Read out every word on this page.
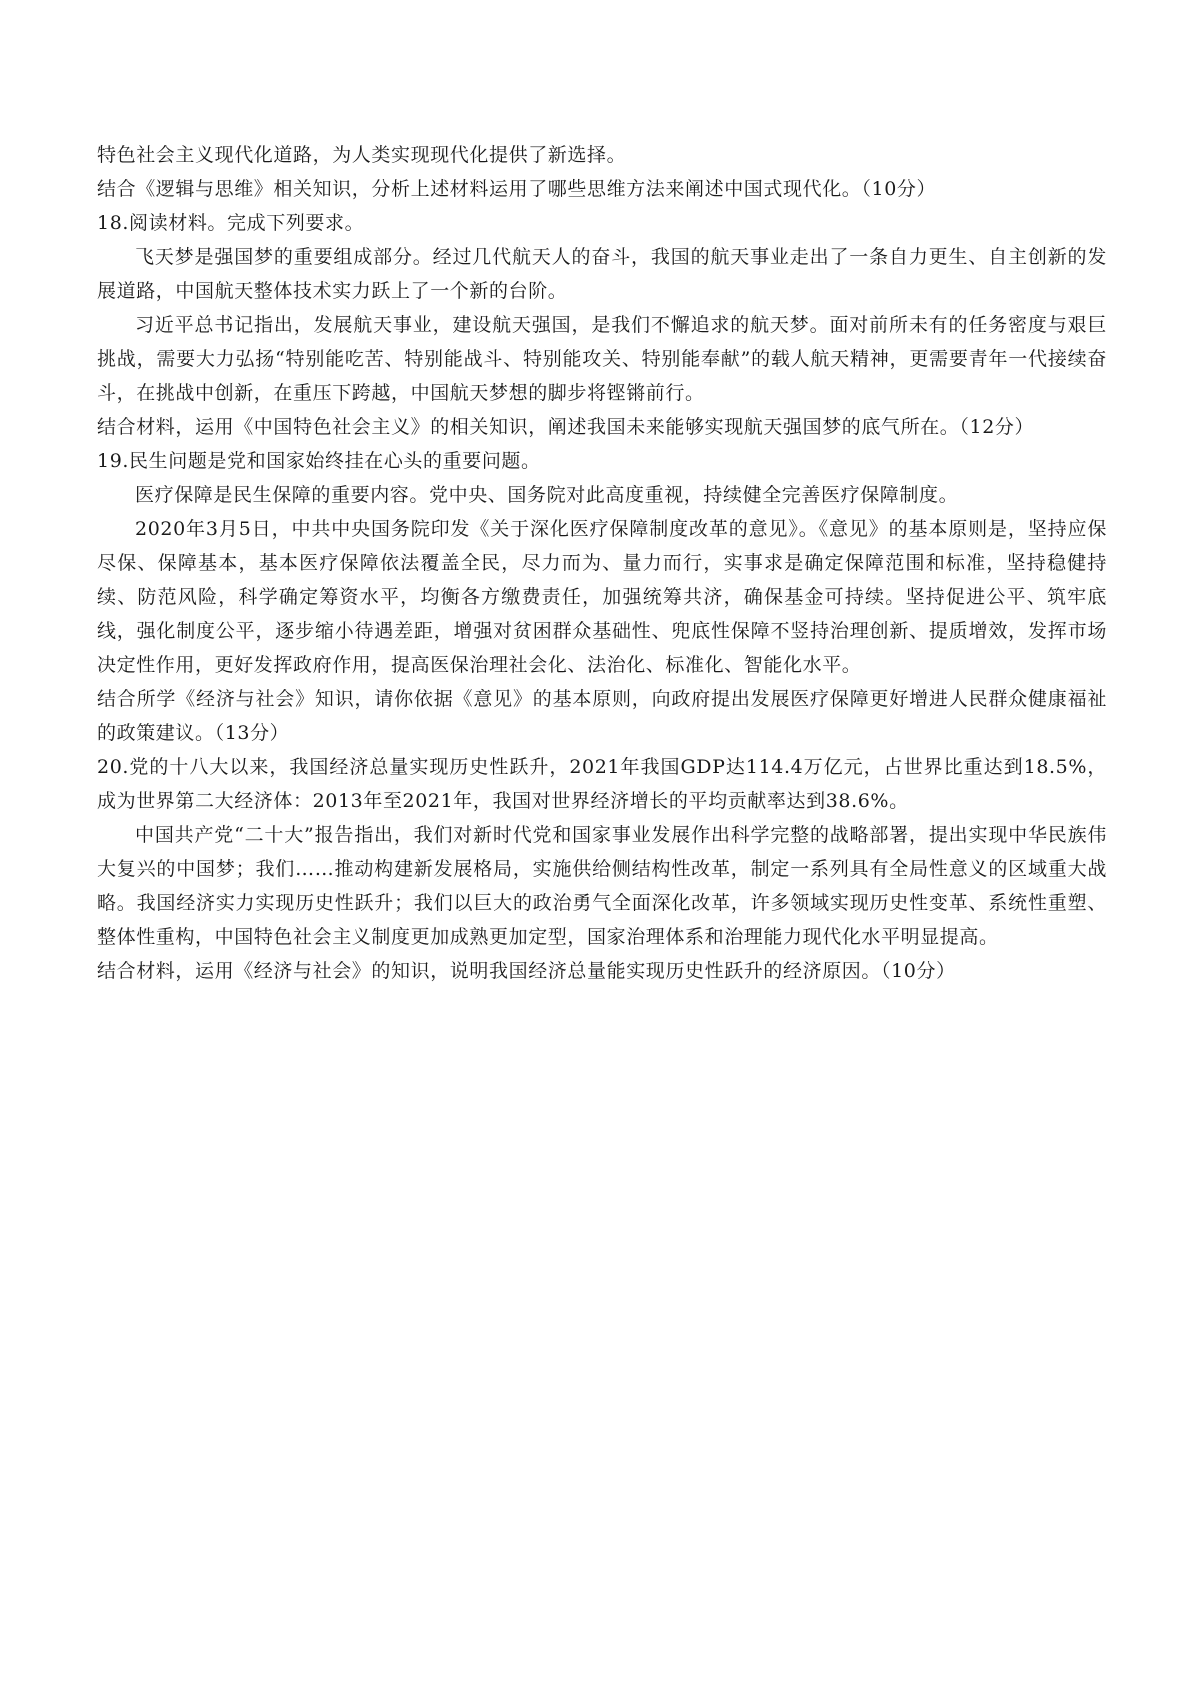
特色社会主义现代化道路，为人类实现现代化提供了新选择。

结合《逻辑与思维》相关知识，分析上述材料运用了哪些思维方法来阐述中国式现代化。（10分）

18.阅读材料。完成下列要求。

飞天梦是强国梦的重要组成部分。经过几代航天人的奋斗，我国的航天事业走出了一条自力更生、自主创新的发展道路，中国航天整体技术实力跃上了一个新的台阶。

习近平总书记指出，发展航天事业，建设航天强国，是我们不懈追求的航天梦。面对前所未有的任务密度与艰巨挑战，需要大力弘扬“特别能吃苦、特别能战斗、特别能攻关、特别能奉献”的载人航天精神，更需要青年一代接续奋斗，在挑战中创新，在重压下跨越，中国航天梦想的脚步将铿锵前行。

结合材料，运用《中国特色社会主义》的相关知识，阐述我国未来能够实现航天强国梦的底气所在。（12分）

19.民生问题是党和国家始终挂在心头的重要问题。

医疗保障是民生保障的重要内容。党中央、国务院对此高度重视，持续健全完善医疗保障制度。

2020年3月5日，中共中央国务院印发《关于深化医疗保障制度改革的意见》。《意见》的基本原则是，坚持应保尽保、保障基本，基本医疗保障依法覆盖全民，尽力而为、量力而行，实事求是确定保障范围和标准，坚持稳健持续、防范风险，科学确定筹资水平，均衡各方缴费责任，加强统筹共济，确保基金可持续。坚持促进公平、筑牢底线，强化制度公平，逐步缩小待遇差距，增强对贫困群众基础性、兜底性保障不竖持治理创新、提质增效，发挥市场决定性作用，更好发挥政府作用，提高医保治理社会化、法治化、标准化、智能化水平。

结合所学《经济与社会》知识，请你依据《意见》的基本原则，向政府提出发展医疗保障更好增进人民群众健康福祉的政策建议。（13分）

20.党的十八大以来，我国经济总量实现历史性跃升，2021年我国GDP达114.4万亿元，占世界比重达到18.5%，成为世界第二大经济体：2013年至2021年，我国对世界经济增长的平均贡献率达到38.6%。

中国共产党“二十大”报告指出，我们对新时代党和国家事业发展作出科学完整的战略部署，提出实现中华民族伟大复兴的中国梦；我们……推动构建新发展格局，实施供给侧结构性改革，制定一系列具有全局性意义的区域重大战略。我国经济实力实现历史性跃升；我们以巨大的政治勇气全面深化改革，许多领域实现历史性变革、系统性重塑、整体性重构，中国特色社会主义制度更加成熟更加定型，国家治理体系和治理能力现代化水平明显提高。

结合材料，运用《经济与社会》的知识，说明我国经济总量能实现历史性跃升的经济原因。（10分）
